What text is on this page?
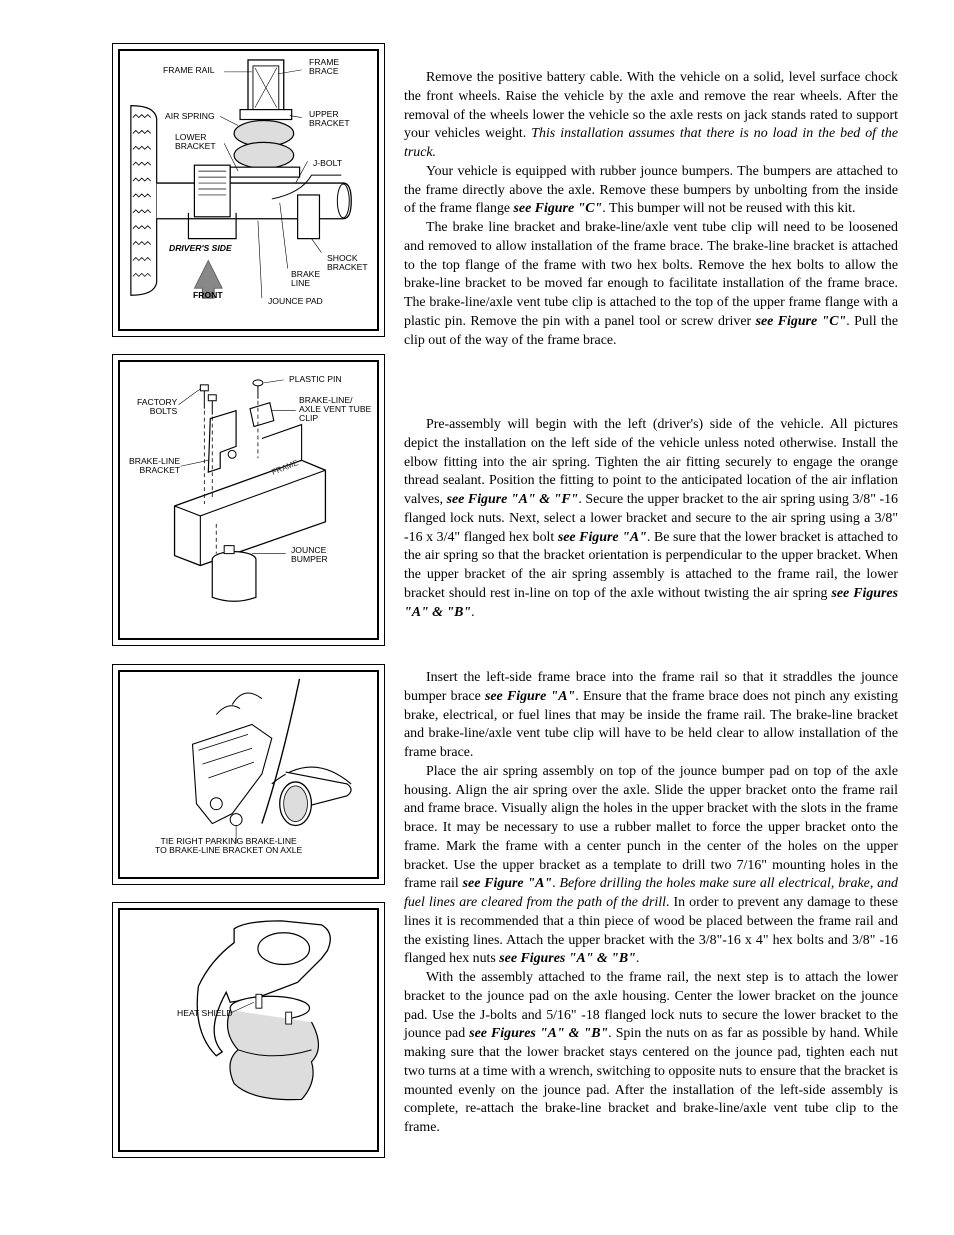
FRAME RAIL
FRAME
BRACE
AIR SPRING	UPPER
BRACKET
LOWER
BRACKET
J-BOLT
DRIVER'S SIDE
SHOCK
BRACKET
BRAKE
LINE
FRONT
JOUNCE PAD
PLASTIC PIN
FACTORY
BOLTS
BRAKE-LINE/
AXLE VENT TUBE
CLIP
BRAKE-LINE
BRACKET	FRAME
JOUNCE
BUMPER
TIE RIGHT PARKING BRAKE-LINE
TO BRAKE-LINE BRACKET ON AXLE
HEAT SHIELD

Remove the positive battery cable. With the vehicle on a solid, level surface chock the front wheels. Raise the vehicle by the axle and remove the rear wheels. After the removal of the wheels lower the vehicle so the axle rests on jack stands rated to support your vehicles weight. This installation assumes that there is no load in the bed of the truck.

Your vehicle is equipped with rubber jounce bumpers. The bumpers are attached to the frame directly above the axle. Remove these bumpers by unbolting from the inside of the frame flange see Figure "C". This bumper will not be reused with this kit.

The brake line bracket and brake-line/axle vent tube clip will need to be loosened and removed to allow installation of the frame brace. The brake-line bracket is attached to the top flange of the frame with two hex bolts. Remove the hex bolts to allow the brake-line bracket to be moved far enough to facilitate installation of the frame brace. The brake-line/axle vent tube clip is attached to the top of the upper frame flange with a plastic pin. Remove the pin with a panel tool or screw driver see Figure "C". Pull the clip out of the way of the frame brace.

Pre-assembly will begin with the left (driver's) side of the vehicle. All pictures depict the installation on the left side of the vehicle unless noted otherwise. Install the elbow fitting into the air spring. Tighten the air fitting securely to engage the orange thread sealant. Position the fitting to point to the anticipated location of the air inflation valves, see Figure "A" & "F". Secure the upper bracket to the air spring using 3/8" -16 flanged lock nuts. Next, select a lower bracket and secure to the air spring using a 3/8" -16 x 3/4" flanged hex bolt see Figure "A". Be sure that the lower bracket is attached to the air spring so that the bracket orientation is perpendicular to the upper bracket. When the upper bracket of the air spring assembly is attached to the frame rail, the lower bracket should rest in-line on top of the axle without twisting the air spring see Figures "A" & "B".

Insert the left-side frame brace into the frame rail so that it straddles the jounce bumper brace see Figure "A". Ensure that the frame brace does not pinch any existing brake, electrical, or fuel lines that may be inside the frame rail. The brake-line bracket and brake-line/axle vent tube clip will have to be held clear to allow installation of the frame brace.

Place the air spring assembly on top of the jounce bumper pad on top of the axle housing. Align the air spring over the axle. Slide the upper bracket onto the frame rail and frame brace. Visually align the holes in the upper bracket with the slots in the frame brace. It may be necessary to use a rubber mallet to force the upper bracket onto the frame. Mark the frame with a center punch in the center of the holes on the upper bracket. Use the upper bracket as a template to drill two 7/16" mounting holes in the frame rail see Figure "A". Before drilling the holes make sure all electrical, brake, and fuel lines are cleared from the path of the drill. In order to prevent any damage to these lines it is recommended that a thin piece of wood be placed between the frame rail and the existing lines. Attach the upper bracket with the 3/8"-16 x 4" hex bolts and 3/8" -16 flanged hex nuts see Figures "A" & "B".

With the assembly attached to the frame rail, the next step is to attach the lower bracket to the jounce pad on the axle housing. Center the lower bracket on the jounce pad. Use the J-bolts and 5/16" -18 flanged lock nuts to secure the lower bracket to the jounce pad see Figures "A" & "B". Spin the nuts on as far as possible by hand. While making sure that the lower bracket stays centered on the jounce pad, tighten each nut two turns at a time with a wrench, switching to opposite nuts to ensure that the bracket is mounted evenly on the jounce pad. After the installation of the left-side assembly is complete, re-attach the brake-line bracket and brake-line/axle vent tube clip to the frame.
